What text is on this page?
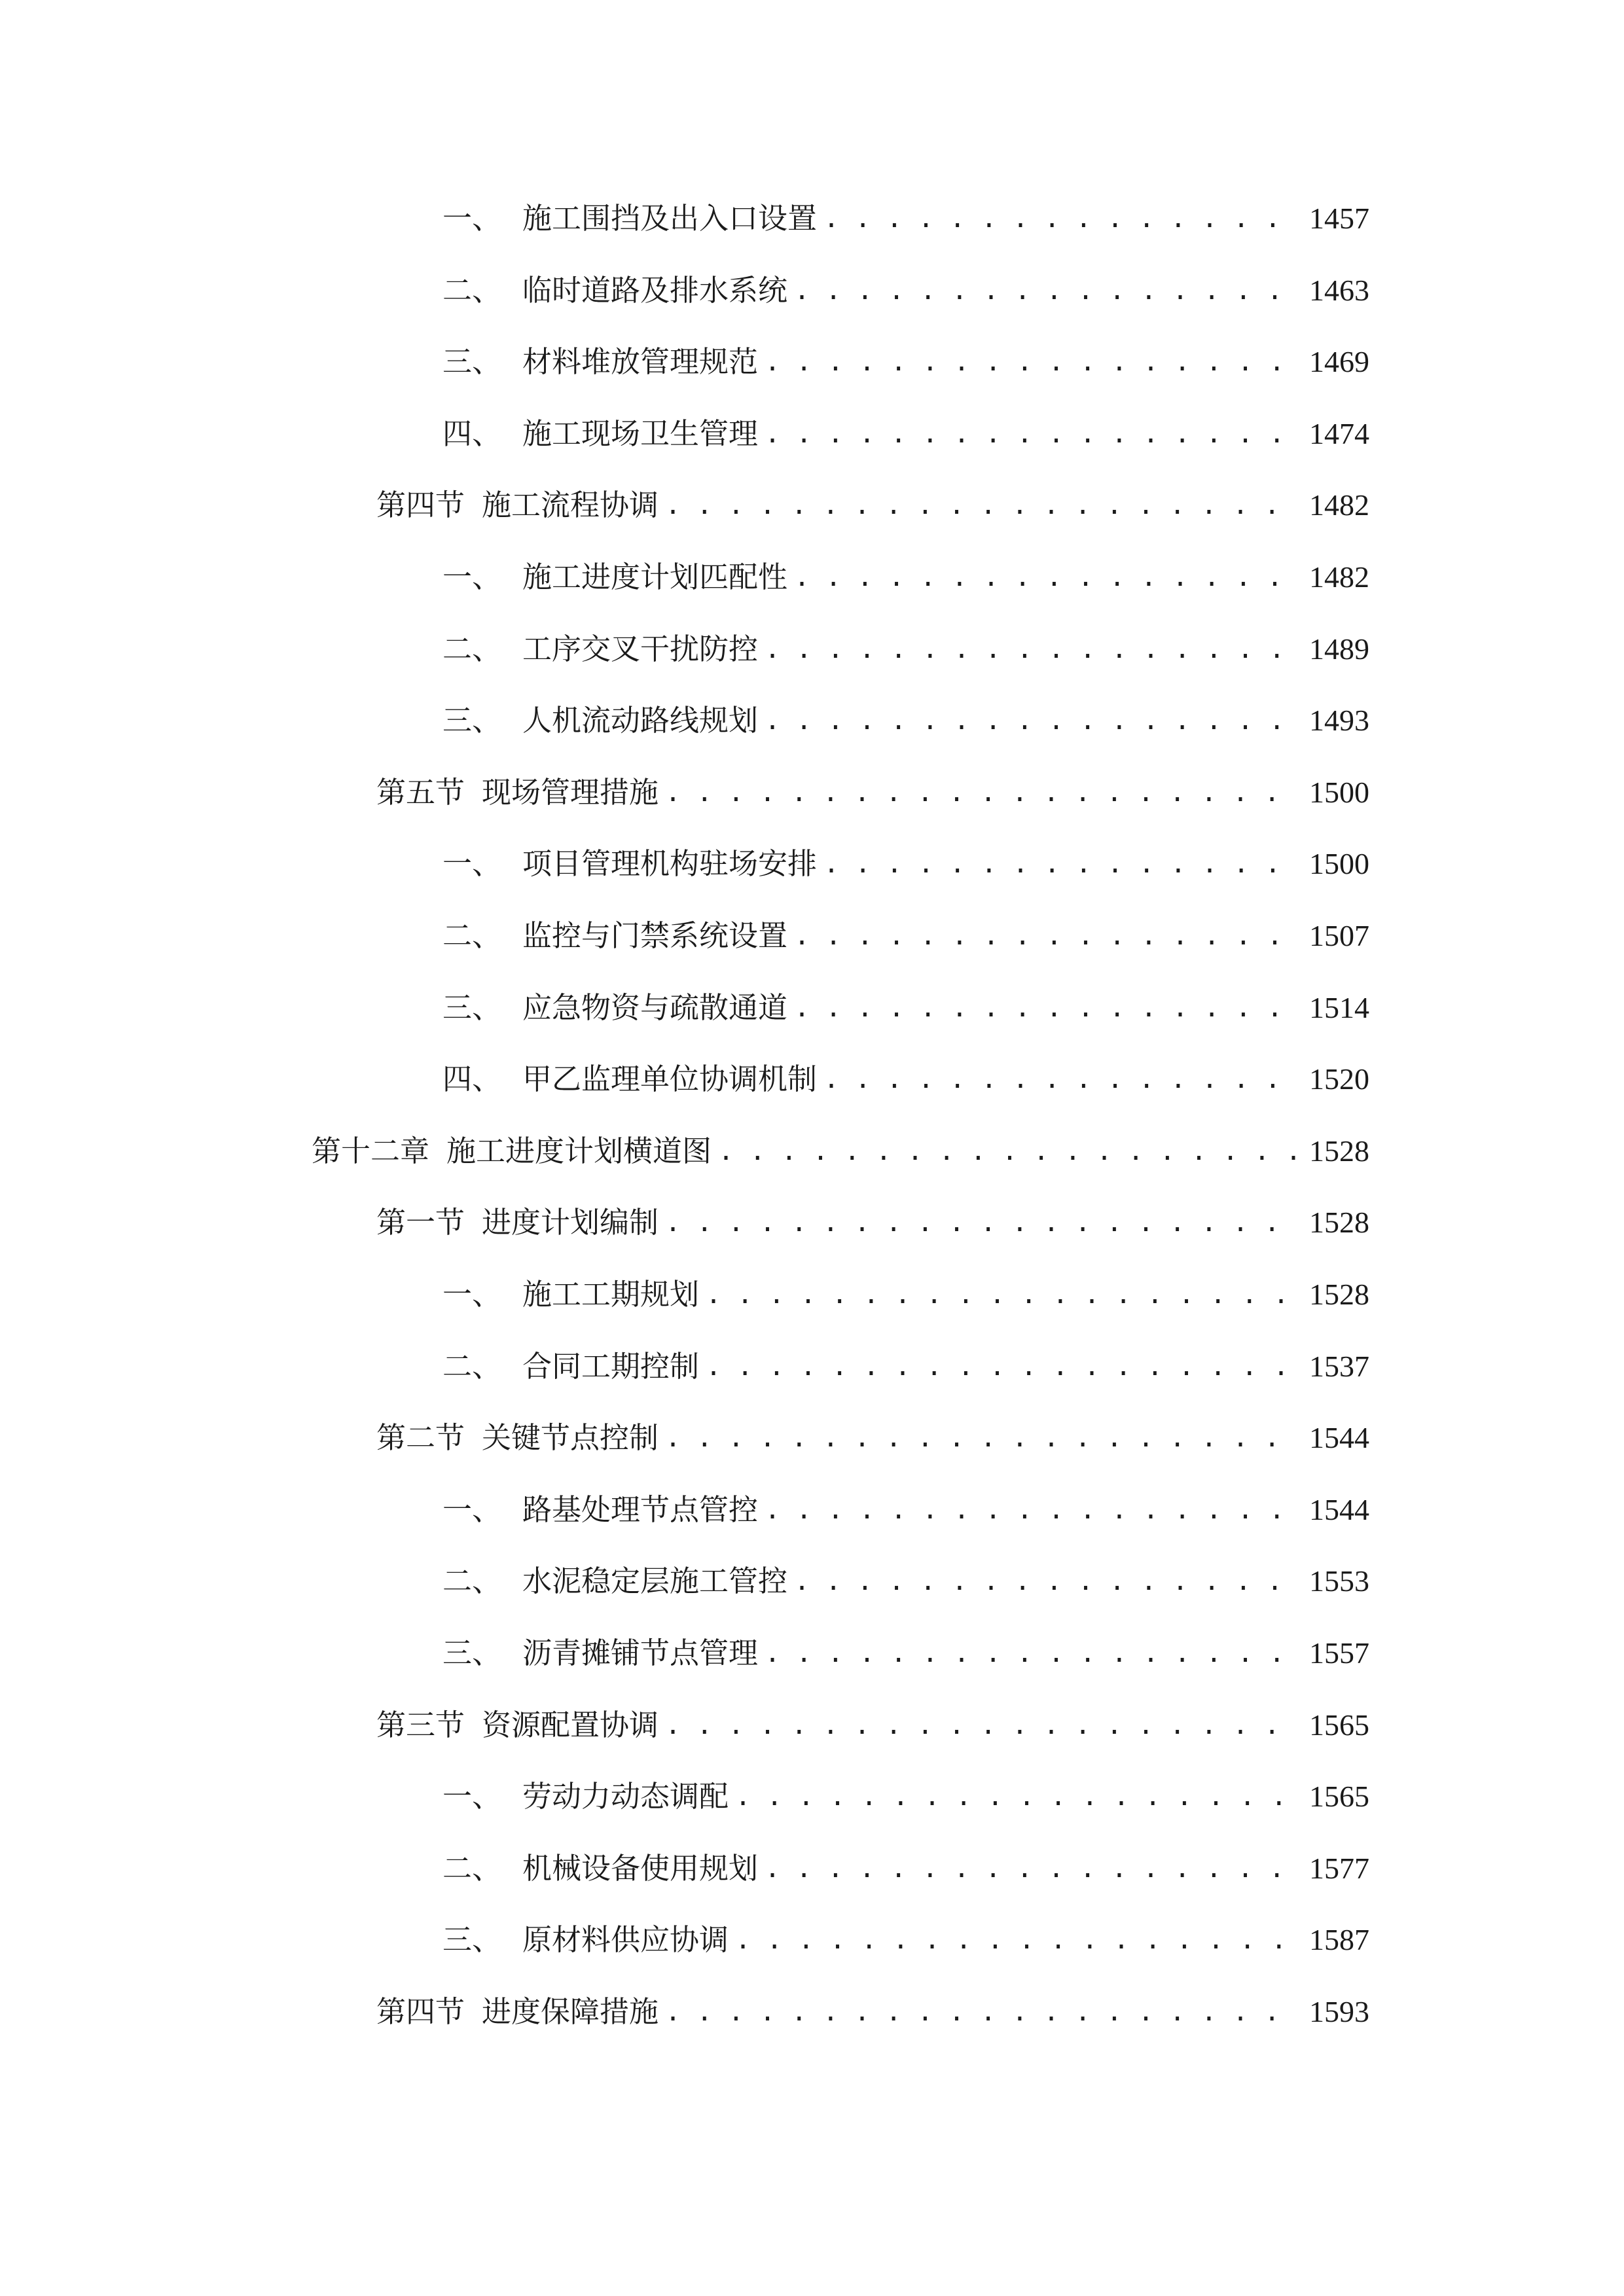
一、 施工围挡及出入口设置 . . .	1457
二、 临时道路及排水系统 . . .	1463
三、 材料堆放管理规范 . . .	1469
四、 施工现场卫生管理 . . .	1474
第四节 施工流程协调 . . .	1482
一、 施工进度计划匹配性 . . .	1482
二、 工序交叉干扰防控 . . .	1489
三、 人机流动路线规划 . . .	1493
第五节 现场管理措施 . . .	1500
一、 项目管理机构驻场安排 . . .	1500
二、 监控与门禁系统设置 . . .	1507
三、 应急物资与疏散通道 . . .	1514
四、 甲乙监理单位协调机制 . . .	1520
第十二章 施工进度计划横道图 . . .	1528
第一节 进度计划编制 . . .	1528
一、 施工工期规划 . . .	1528
二、 合同工期控制 . . .	1537
第二节 关键节点控制 . . .	1544
一、 路基处理节点管控 . . .	1544
二、 水泥稳定层施工管控 . . .	1553
三、 沥青摊铺节点管理 . . .	1557
第三节 资源配置协调 . . .	1565
一、 劳动力动态调配 . . .	1565
二、 机械设备使用规划 . . .	1577
三、 原材料供应协调 . . .	1587
第四节 进度保障措施 . . .	1593
